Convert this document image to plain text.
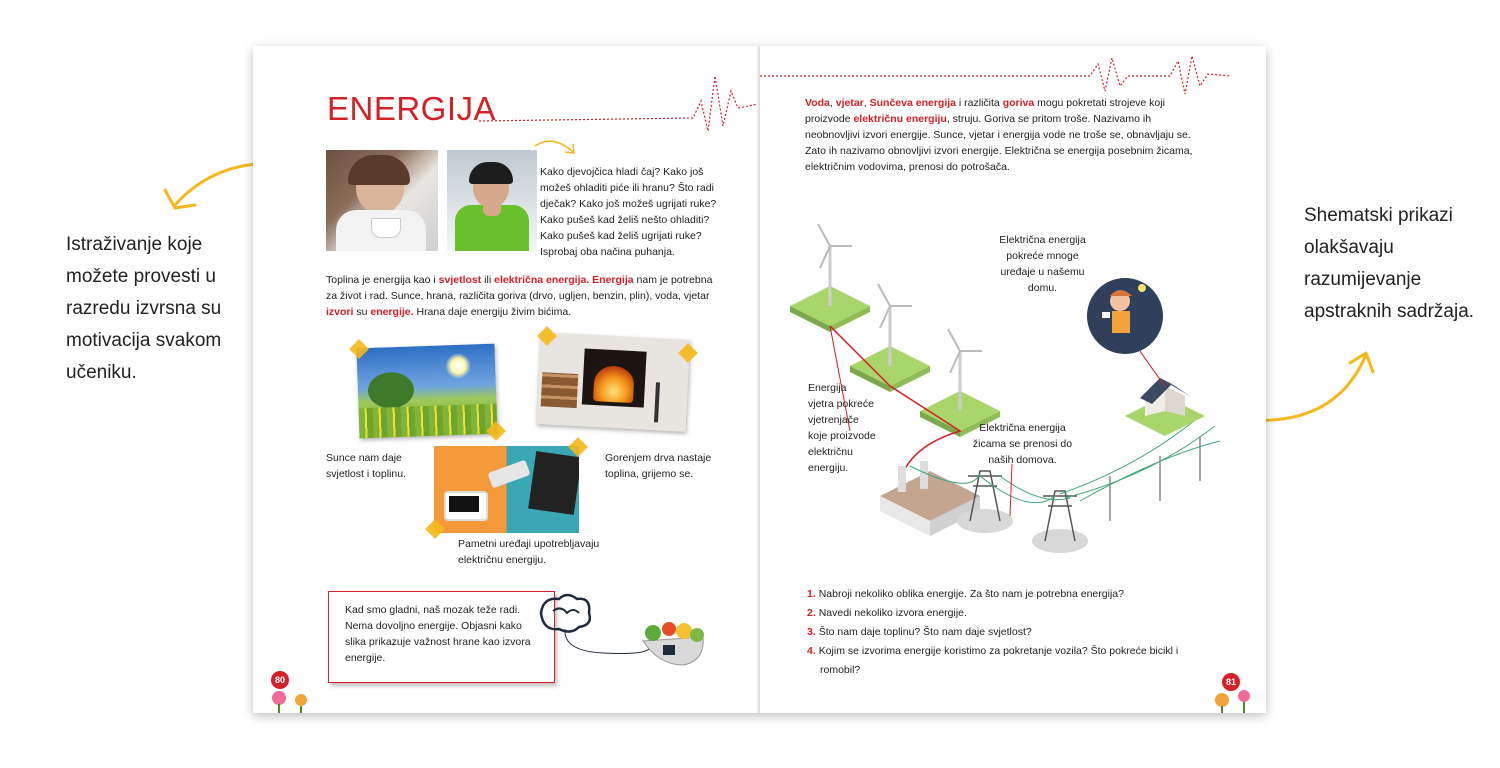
Istraživanje koje
možete provesti u
razredu izvrsna su
motivacija svakom
učeniku.
Shematski prikazi
olakšavaju
razumijevanje
apstraknih sadržaja.
ENERGIJA
Kako djevojčica hladi čaj? Kako još
možeš ohladiti piće ili hranu? Što radi
dječak? Kako još možeš ugrijati ruke?
Kako pušeš kad želiš nešto ohladiti?
Kako pušeš kad želiš ugrijati ruke?
Isprobaj oba načina puhanja.
Toplina je energija kao i svjetlost ili električna energija. Energija nam je potrebna
za život i rad. Sunce, hrana, različita goriva (drvo, ugljen, benzin, plin), voda, vjetar
izvori su energije. Hrana daje energiju živim bićima.
Sunce nam daje
svjetlost i toplinu.
Gorenjem drva nastaje
toplina, grijemo se.
Pametni uređaji upotrebljavaju
električnu energiju.
Kad smo gladni, naš mozak teže radi.
Nema dovoljno energije. Objasni kako
slika prikazuje važnost hrane kao izvora
energije.
80
Voda, vjetar, Sunčeva energija i različita goriva mogu pokretati strojeve koji
proizvode električnu energiju, struju. Goriva se pritom troše. Nazivamo ih
neobnovljivi izvori energije. Sunce, vjetar i energija vode ne troše se, obnavljaju se.
Zato ih nazivamo obnovljivi izvori energije. Električna se energija posebnim žicama,
električnim vodovima, prenosi do potrošača.
Električna energija
pokreće mnoge
uređaje u našemu
domu.
Energija
vjetra pokreće
vjetrenjače
koje proizvode
električnu
energiju.
Električna energija
žicama se prenosi do
naših domova.
1. Nabroji nekoliko oblika energije. Za što nam je potrebna energija?
2. Navedi nekoliko izvora energije.
3. Što nam daje toplinu? Što nam daje svjetlost?
4. Kojim se izvorima energije koristimo za pokretanje vozila? Što pokreće bicikl i
romobil?
81
